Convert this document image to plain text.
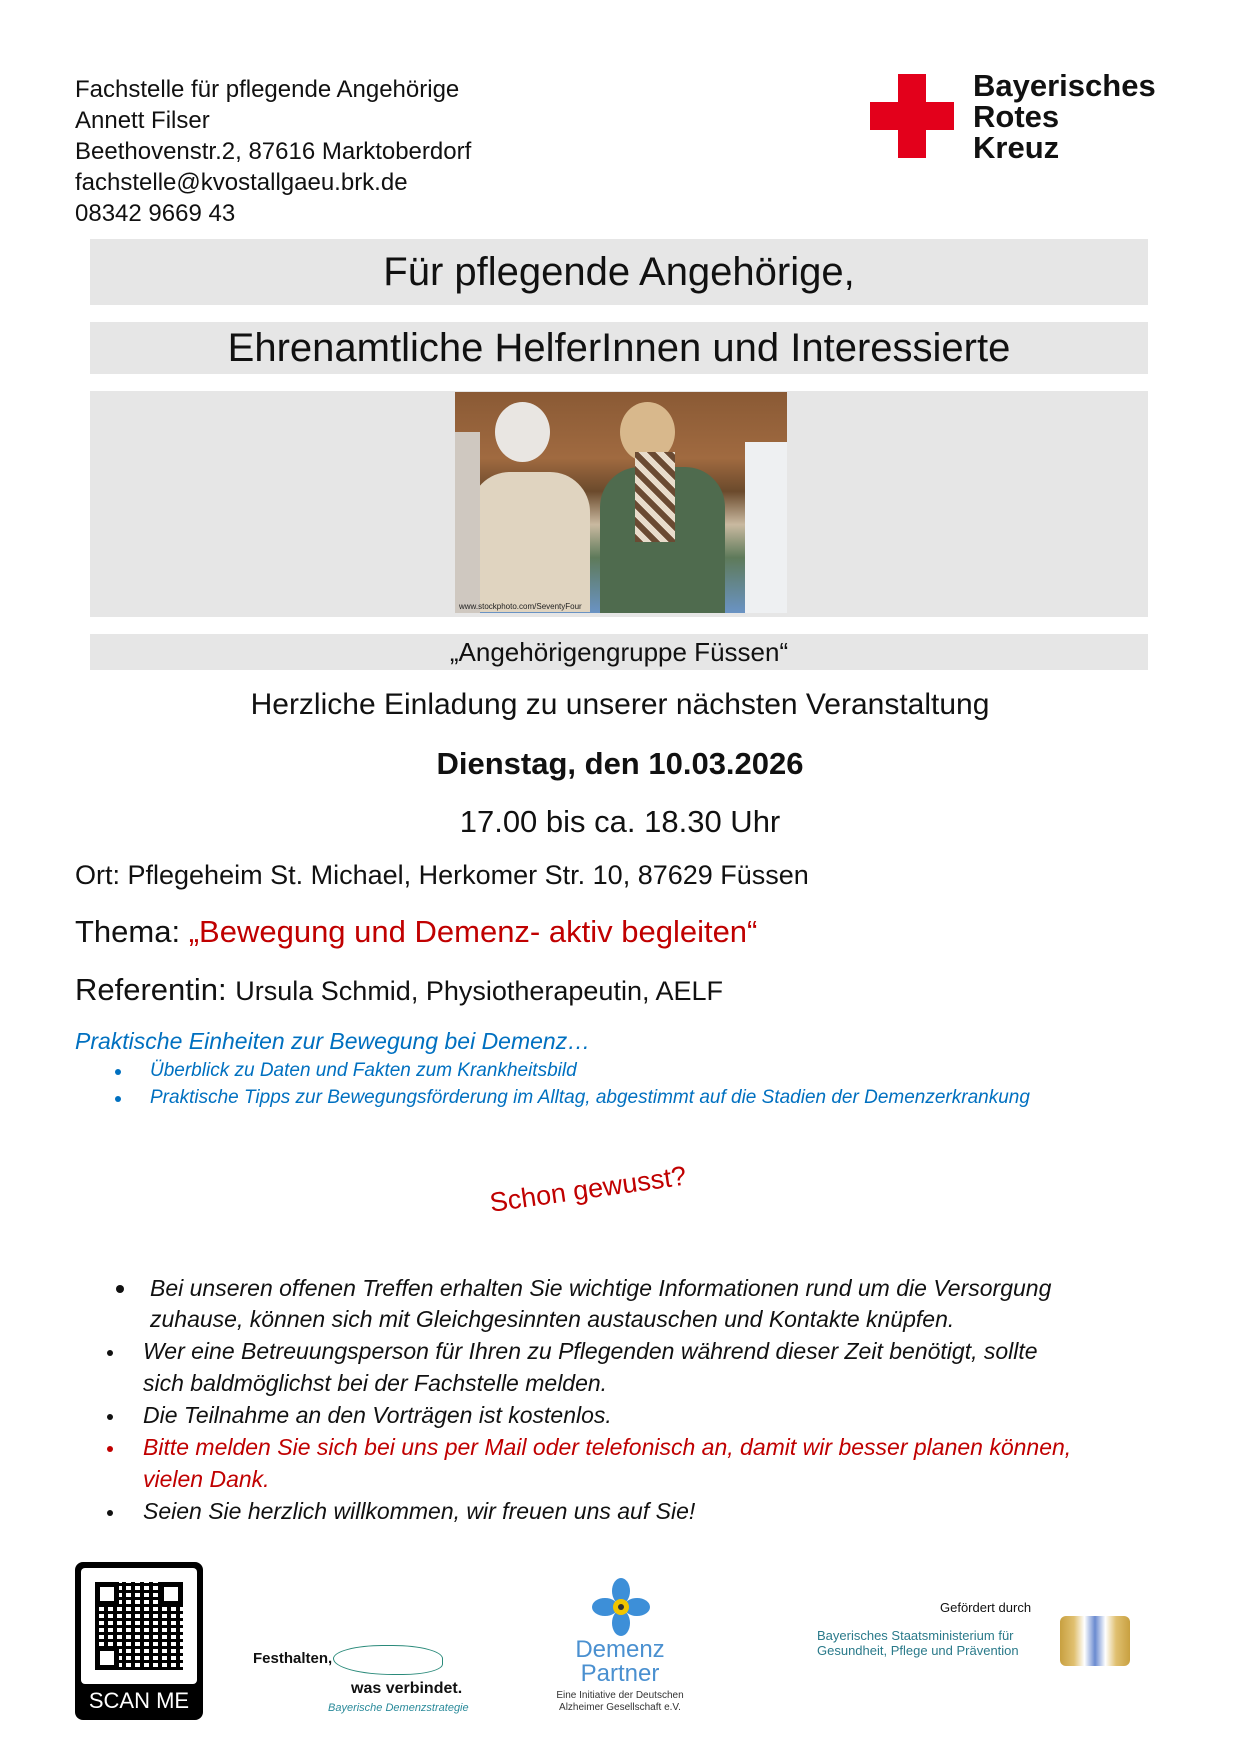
Fachstelle für pflegende Angehörige
Annett Filser
Beethovenstr.2, 87616 Marktoberdorf
fachstelle@kvostallgaeu.brk.de
08342 9669 43
Bayerisches
Rotes
Kreuz
Für pflegende Angehörige,
Ehrenamtliche HelferInnen und Interessierte
www.stockphoto.com/SeventyFour
„Angehörigengruppe Füssen“
Herzliche Einladung zu unserer nächsten Veranstaltung
Dienstag, den 10.03.2026
17.00 bis ca. 18.30 Uhr
Ort: Pflegeheim St. Michael, Herkomer Str. 10, 87629 Füssen
Thema: „Bewegung und Demenz- aktiv begleiten“
Referentin: Ursula Schmid, Physiotherapeutin, AELF
Praktische Einheiten zur Bewegung bei Demenz…
Überblick zu Daten und Fakten zum Krankheitsbild
Praktische Tipps zur Bewegungsförderung im Alltag, abgestimmt auf die Stadien der Demenzerkrankung
Schon gewusst?
Bei unseren offenen Treffen erhalten Sie wichtige Informationen rund um die Versorgung
zuhause, können sich mit Gleichgesinnten austauschen und Kontakte knüpfen.
Wer eine Betreuungsperson für Ihren zu Pflegenden während dieser Zeit benötigt, sollte
sich baldmöglichst bei der Fachstelle melden.
Die Teilnahme an den Vorträgen ist kostenlos.
Bitte melden Sie sich bei uns per Mail oder telefonisch an, damit wir besser planen können,
vielen Dank.
Seien Sie herzlich willkommen, wir freuen uns auf Sie!
SCAN ME
Festhalten,
was verbindet.
Bayerische Demenzstrategie
Demenz
Partner
Eine Initiative der Deutschen
Alzheimer Gesellschaft e.V.
Gefördert durch
Bayerisches Staatsministerium für
Gesundheit, Pflege und Prävention
